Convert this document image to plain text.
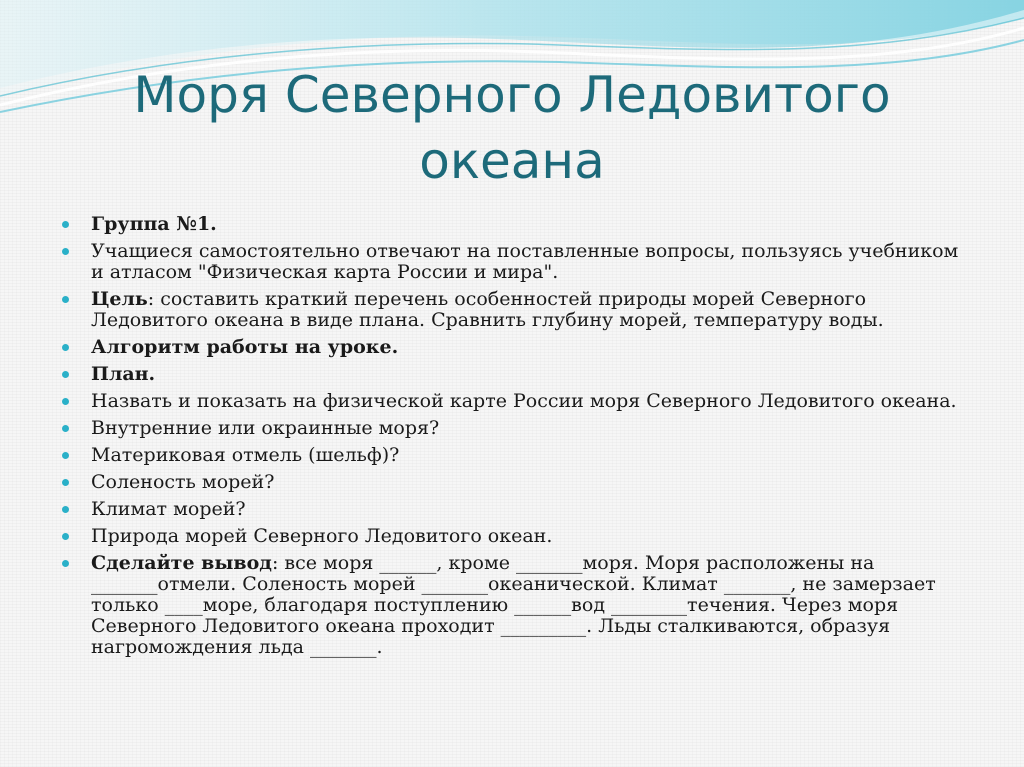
Моря Северного Ледовитого океана
Группа №1.
Учащиеся самостоятельно отвечают на поставленные вопросы, пользуясь учебником и атласом "Физическая карта России и мира".
Цель: составить краткий перечень особенностей природы морей Северного Ледовитого океана в виде плана. Сравнить глубину морей, температуру воды.
Алгоритм работы на уроке.
План.
Назвать и показать на физической карте России моря Северного Ледовитого океана.
Внутренние или окраинные моря?
Материковая отмель (шельф)?
Соленость морей?
Климат морей?
Природа морей Северного Ледовитого океан.
Сделайте вывод: все моря ______, кроме _______моря. Моря расположены на _______отмели. Соленость морей _______океанической. Климат _______, не замерзает только ____море, благодаря поступлению ______вод ________течения. Через моря Северного Ледовитого океана проходит _________. Льды сталкиваются, образуя нагромождения льда _______.
